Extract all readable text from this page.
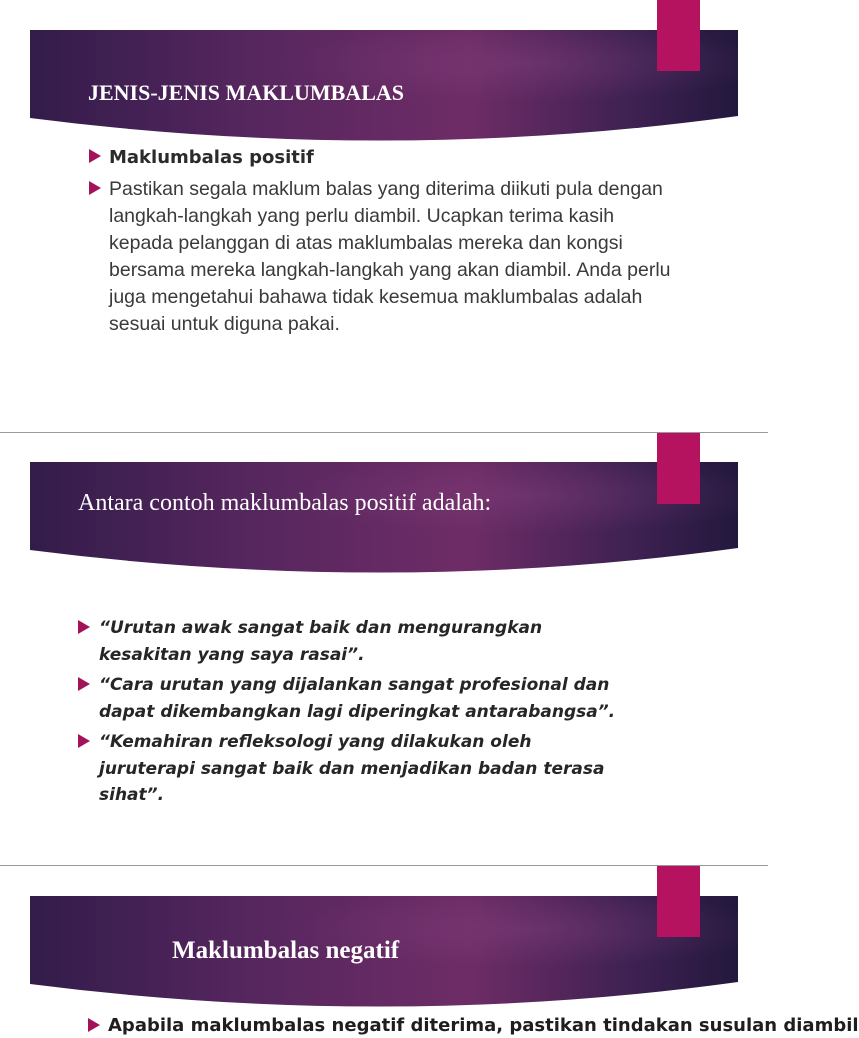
JENIS-JENIS MAKLUMBALAS
Maklumbalas positif
Pastikan segala maklum balas yang diterima diikuti pula dengan langkah-langkah yang perlu diambil. Ucapkan terima kasih kepada pelanggan di atas maklumbalas mereka dan kongsi bersama mereka langkah-langkah yang akan diambil. Anda perlu juga mengetahui bahawa tidak kesemua maklumbalas adalah sesuai untuk diguna pakai.
Antara contoh maklumbalas positif adalah:
“Urutan awak sangat baik dan mengurangkan kesakitan yang saya rasai”.
“Cara urutan yang dijalankan sangat profesional dan dapat dikembangkan lagi diperingkat antarabangsa”.
“Kemahiran refleksologi yang dilakukan oleh juruterapi sangat baik dan menjadikan badan terasa sihat”.
Maklumbalas negatif
Apabila maklumbalas negatif diterima, pastikan tindakan susulan diambil
